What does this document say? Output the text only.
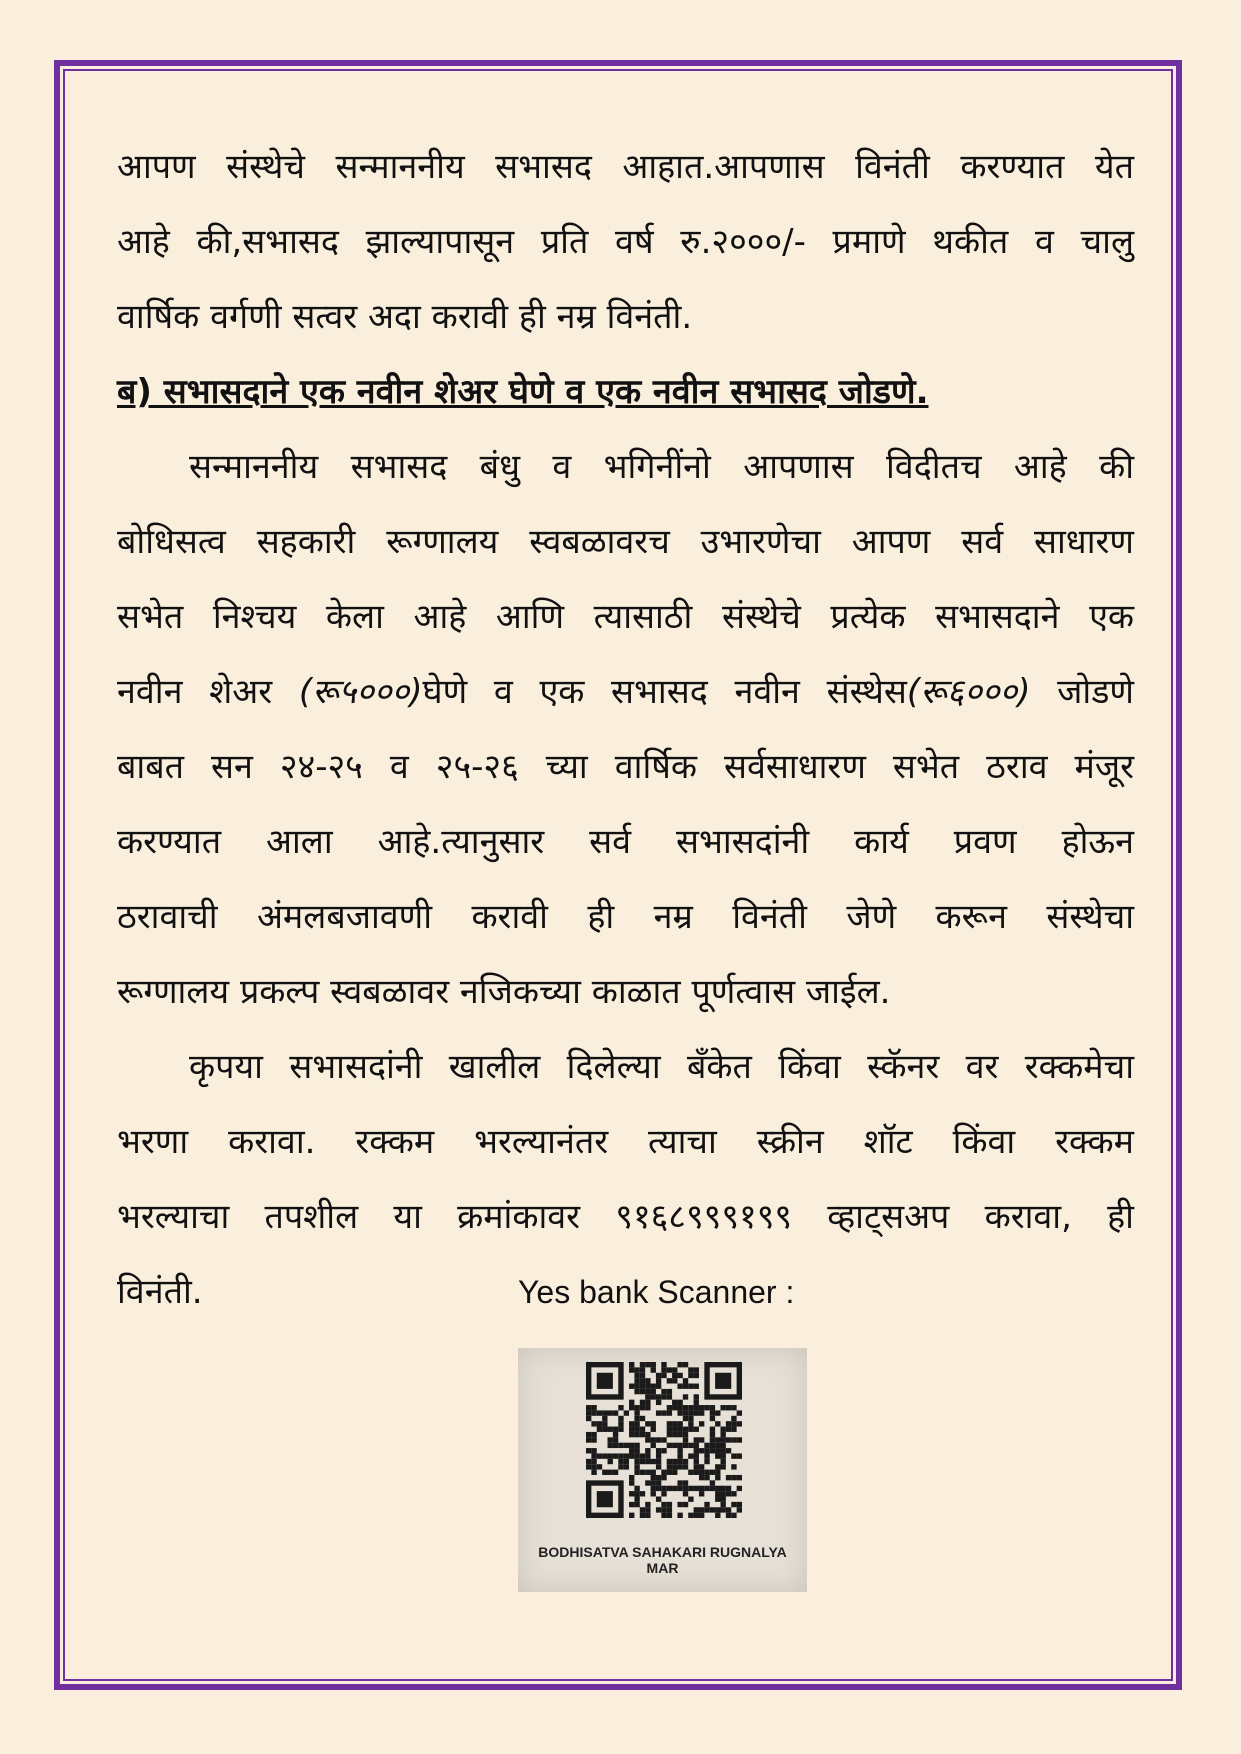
आपण संस्थेचे सन्माननीय सभासद आहात.आपणास विनंती करण्यात येत
आहे की,सभासद झाल्यापासून प्रति वर्ष रु.२०००/- प्रमाणे थकीत व चालु
वार्षिक वर्गणी सत्वर अदा करावी ही नम्र विनंती.
ब) सभासदाने एक नवीन शेअर घेणे व एक नवीन सभासद जोडणे.
सन्माननीय सभासद बंधु व भगिनींनो आपणास विदीतच आहे की
बोधिसत्व सहकारी रूग्णालय स्वबळावरच उभारणेचा आपण सर्व साधारण
सभेत निश्चय केला आहे आणि त्यासाठी संस्थेचे प्रत्येक सभासदाने एक
नवीन शेअर (रू५०००)घेणे व एक सभासद नवीन संस्थेस(रू६०००) जोडणे
बाबत सन २४-२५ व २५-२६ च्या वार्षिक सर्वसाधारण सभेत ठराव मंजूर
करण्यात आला आहे.त्यानुसार सर्व सभासदांनी कार्य प्रवण होऊन
ठरावाची अंमलबजावणी करावी ही नम्र विनंती जेणे करून संस्थेचा
रूग्णालय प्रकल्प स्वबळावर नजिकच्या काळात पूर्णत्वास जाईल.
कृपया सभासदांनी खालील दिलेल्या बँकेत किंवा स्कॅनर वर रक्कमेचा
भरणा करावा. रक्कम भरल्यानंतर त्याचा स्क्रीन शॉट किंवा रक्कम
भरल्याचा तपशील या क्रमांकावर ९१६८९९९१९९ व्हाट्सअप करावा, ही
विनंती.	Yes bank Scanner :
BODHISATVA SAHAKARI RUGNALYA
MAR
